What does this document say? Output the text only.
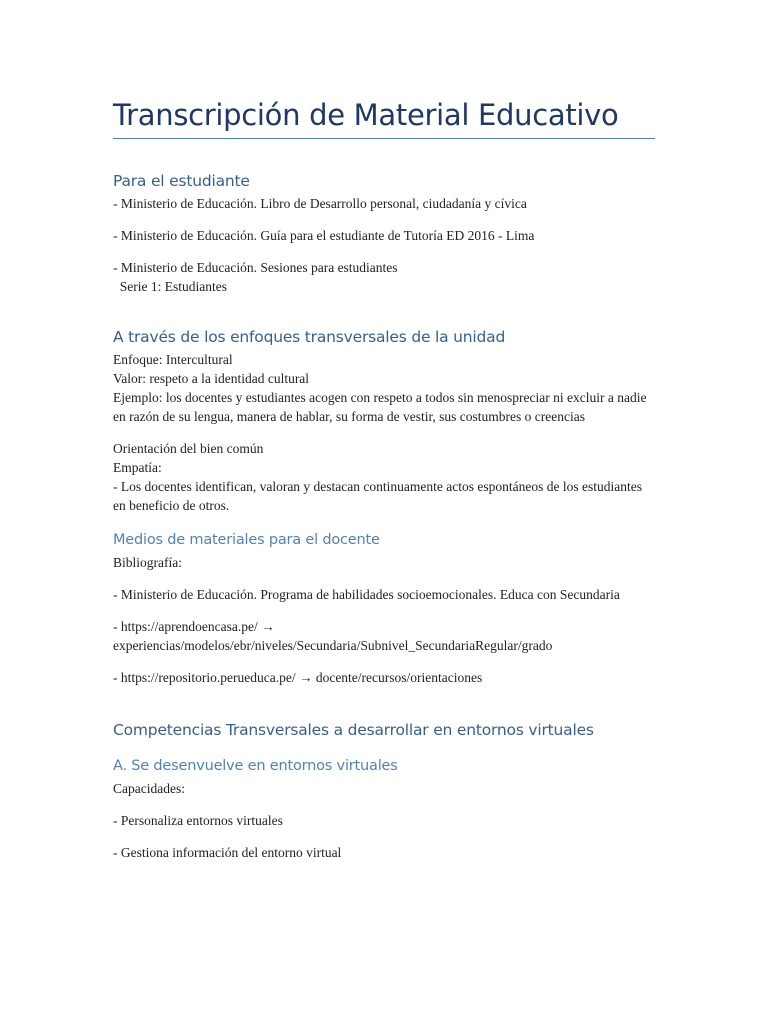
Transcripción de Material Educativo
Para el estudiante

- Ministerio de Educación. Libro de Desarrollo personal, ciudadanía y cívica

- Ministerio de Educación. Guía para el estudiante de Tutoría ED 2016 - Lima

- Ministerio de Educación. Sesiones para estudiantes

Serie 1: Estudiantes

A través de los enfoques transversales de la unidad

Enfoque: Intercultural

Valor: respeto a la identidad cultural

Ejemplo: los docentes y estudiantes acogen con respeto a todos sin menospreciar ni excluir a nadie en razón de su lengua, manera de hablar, su forma de vestir, sus costumbres o creencias

Orientación del bien común

Empatía:

- Los docentes identifican, valoran y destacan continuamente actos espontáneos de los estudiantes en beneficio de otros.

Medios de materiales para el docente

Bibliografía:

- Ministerio de Educación. Programa de habilidades socioemocionales. Educa con Secundaria

- https://aprendoencasa.pe/ → experiencias/modelos/ebr/niveles/Secundaria/Subnivel_SecundariaRegular/grado

- https://repositorio.perueduca.pe/ → docente/recursos/orientaciones

Competencias Transversales a desarrollar en entornos virtuales
A. Se desenvuelve en entornos virtuales

Capacidades:

- Personaliza entornos virtuales

- Gestiona información del entorno virtual
